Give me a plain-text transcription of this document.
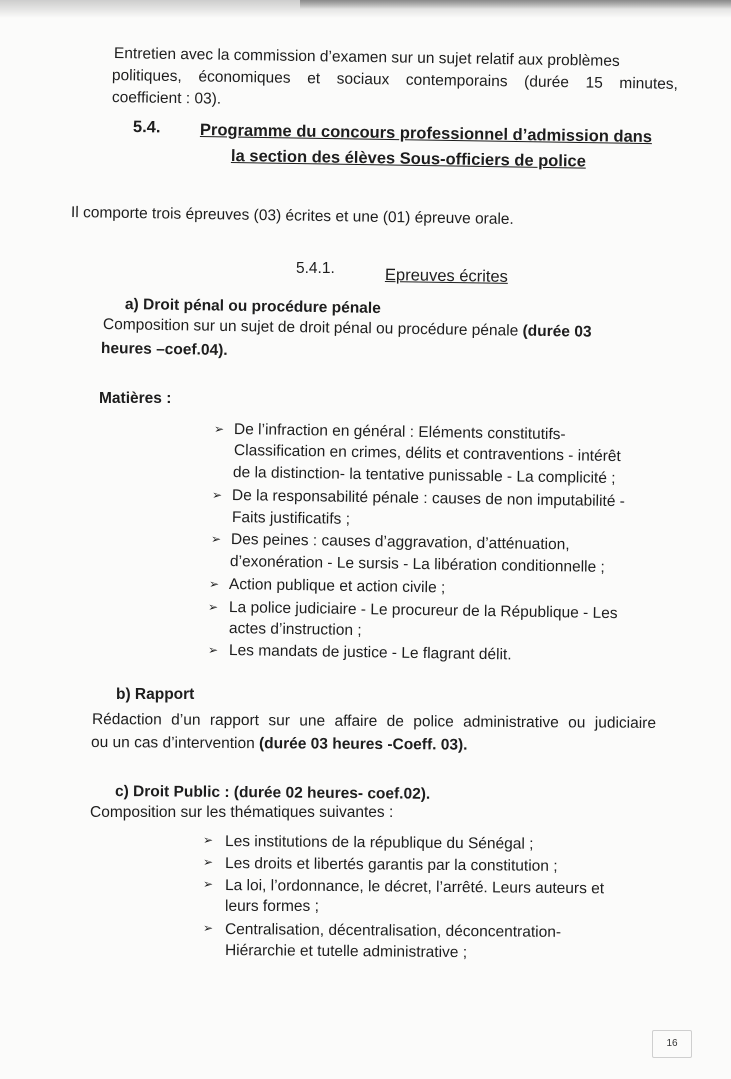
Entretien avec la commission d’examen sur un sujet relatif aux problèmes
politiques, économiques et sociaux contemporains (durée 15 minutes,
coefficient : 03).
5.4. Programme du concours professionnel d’admission dans
la section des élèves Sous-officiers de police
Il comporte trois épreuves (03) écrites et une (01) épreuve orale.
5.4.1.	Epreuves écrites
a) Droit pénal ou procédure pénale
Composition sur un sujet de droit pénal ou procédure pénale (durée 03
heures –coef.04).
Matières :
➢ De l’infraction en général : Eléments constitutifs-
Classification en crimes, délits et contraventions - intérêt
de la distinction- la tentative punissable - La complicité ;
➢ De la responsabilité pénale : causes de non imputabilité -
Faits justificatifs ;
➢ Des peines : causes d’aggravation, d’atténuation,
d’exonération - Le sursis - La libération conditionnelle ;
➢ Action publique et action civile ;
➢ La police judiciaire - Le procureur de la République - Les
actes d’instruction ;
➢ Les mandats de justice - Le flagrant délit.
b) Rapport
Rédaction d’un rapport sur une affaire de police administrative ou judiciaire
ou un cas d’intervention (durée 03 heures -Coeff. 03).
c) Droit Public : (durée 02 heures- coef.02).
Composition sur les thématiques suivantes :
➢ Les institutions de la république du Sénégal ;
➢ Les droits et libertés garantis par la constitution ;
➢ La loi, l’ordonnance, le décret, l’arrêté. Leurs auteurs et
leurs formes ;
➢ Centralisation, décentralisation, déconcentration-
Hiérarchie et tutelle administrative ;
16
